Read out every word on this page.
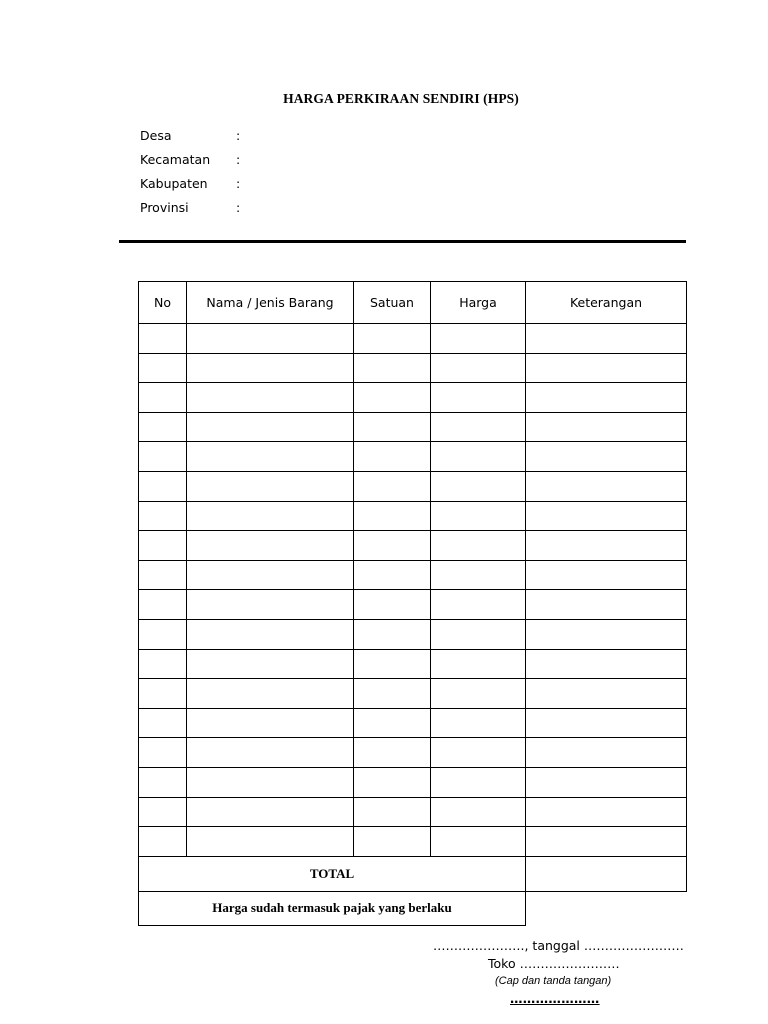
HARGA PERKIRAAN SENDIRI (HPS)
Desa	:
Kecamatan :
Kabupaten :
Provinsi	:
No	Nama / Jenis Barang	Satuan	Harga	Keterangan

TOTAL				
Harga sudah termasuk pajak yang berlaku				
…………………., tanggal ……………………
Toko ……………………
(Cap dan tanda tangan)
…………………
